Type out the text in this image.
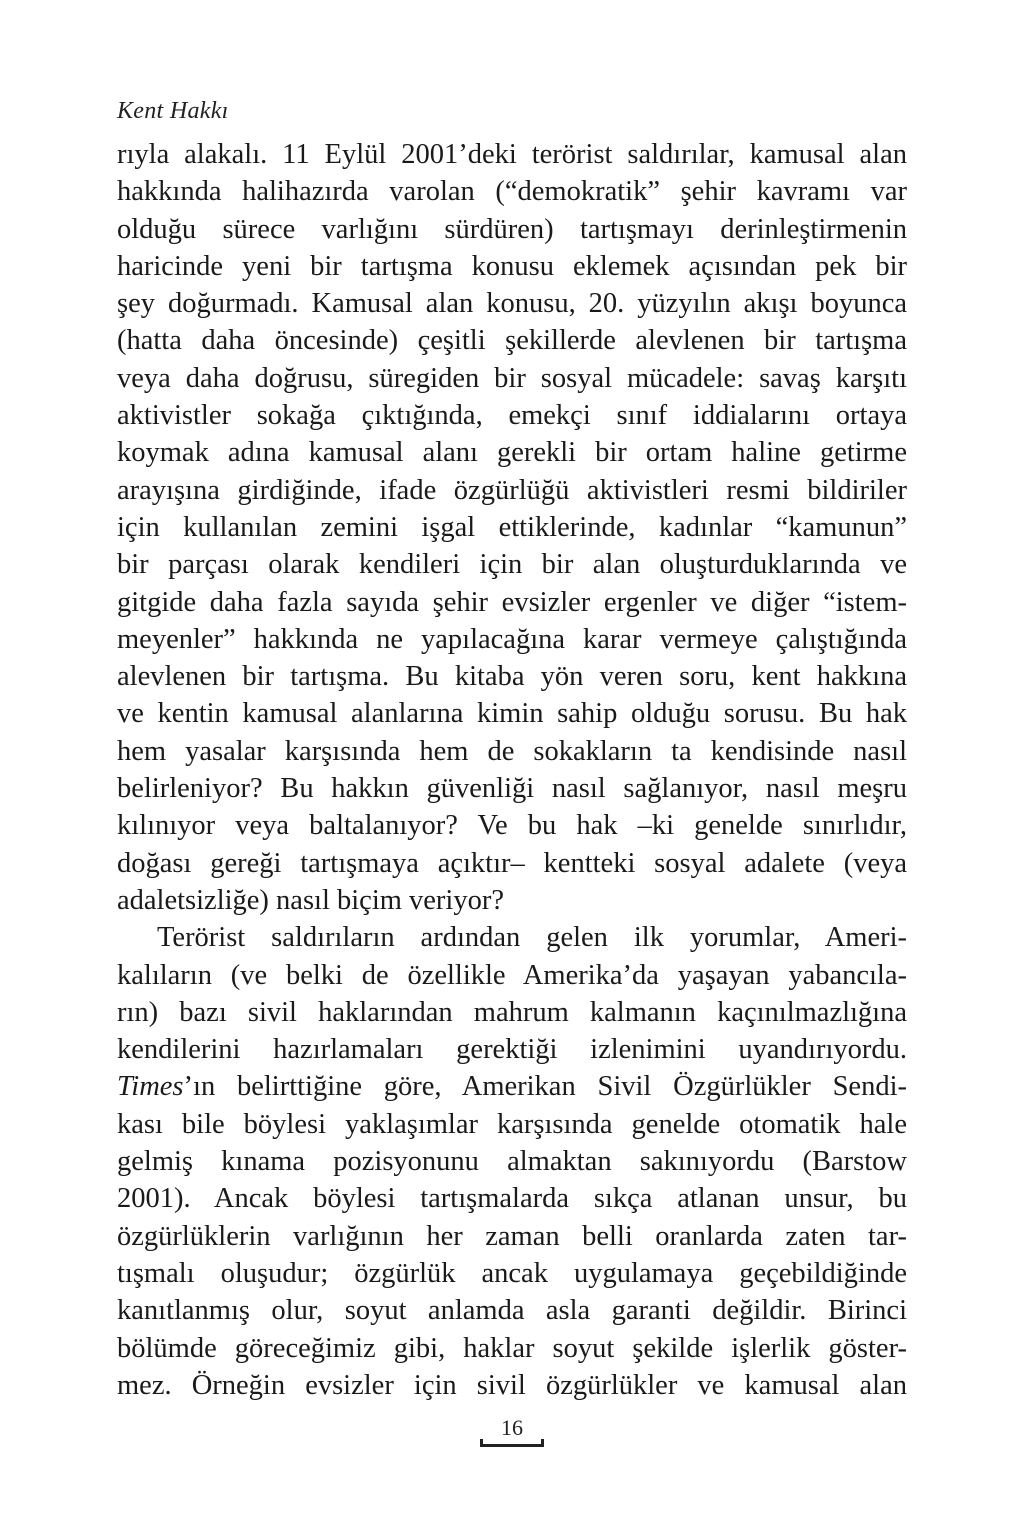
Kent Hakkı
rıyla alakalı. 11 Eylül 2001’deki terörist saldırılar, kamusal alan
hakkında halihazırda varolan (“demokratik” şehir kavramı var
olduğu sürece varlığını sürdüren) tartışmayı derinleştirmenin
haricinde yeni bir tartışma konusu eklemek açısından pek bir
şey doğurmadı. Kamusal alan konusu, 20. yüzyılın akışı boyunca
(hatta daha öncesinde) çeşitli şekillerde alevlenen bir tartışma
veya daha doğrusu, süregiden bir sosyal mücadele: savaş karşıtı
aktivistler sokağa çıktığında, emekçi sınıf iddialarını ortaya
koymak adına kamusal alanı gerekli bir ortam haline getirme
arayışına girdiğinde, ifade özgürlüğü aktivistleri resmi bildiriler
için kullanılan zemini işgal ettiklerinde, kadınlar “kamunun”
bir parçası olarak kendileri için bir alan oluşturduklarında ve
gitgide daha fazla sayıda şehir evsizler ergenler ve diğer “istem-
meyenler” hakkında ne yapılacağına karar vermeye çalıştığında
alevlenen bir tartışma. Bu kitaba yön veren soru, kent hakkına
ve kentin kamusal alanlarına kimin sahip olduğu sorusu. Bu hak
hem yasalar karşısında hem de sokakların ta kendisinde nasıl
belirleniyor? Bu hakkın güvenliği nasıl sağlanıyor, nasıl meşru
kılınıyor veya baltalanıyor? Ve bu hak –ki genelde sınırlıdır,
doğası gereği tartışmaya açıktır– kentteki sosyal adalete (veya
adaletsizliğe) nasıl biçim veriyor?
Terörist saldırıların ardından gelen ilk yorumlar, Ameri-
kalıların (ve belki de özellikle Amerika’da yaşayan yabancıla-
rın) bazı sivil haklarından mahrum kalmanın kaçınılmazlığına
kendilerini hazırlamaları gerektiği izlenimini uyandırıyordu.
Times’ın belirttiğine göre, Amerikan Sivil Özgürlükler Sendi-
kası bile böylesi yaklaşımlar karşısında genelde otomatik hale
gelmiş kınama pozisyonunu almaktan sakınıyordu (Barstow
2001). Ancak böylesi tartışmalarda sıkça atlanan unsur, bu
özgürlüklerin varlığının her zaman belli oranlarda zaten tar-
tışmalı oluşudur; özgürlük ancak uygulamaya geçebildiğinde
kanıtlanmış olur, soyut anlamda asla garanti değildir. Birinci
bölümde göreceğimiz gibi, haklar soyut şekilde işlerlik göster-
mez. Örneğin evsizler için sivil özgürlükler ve kamusal alan
16
